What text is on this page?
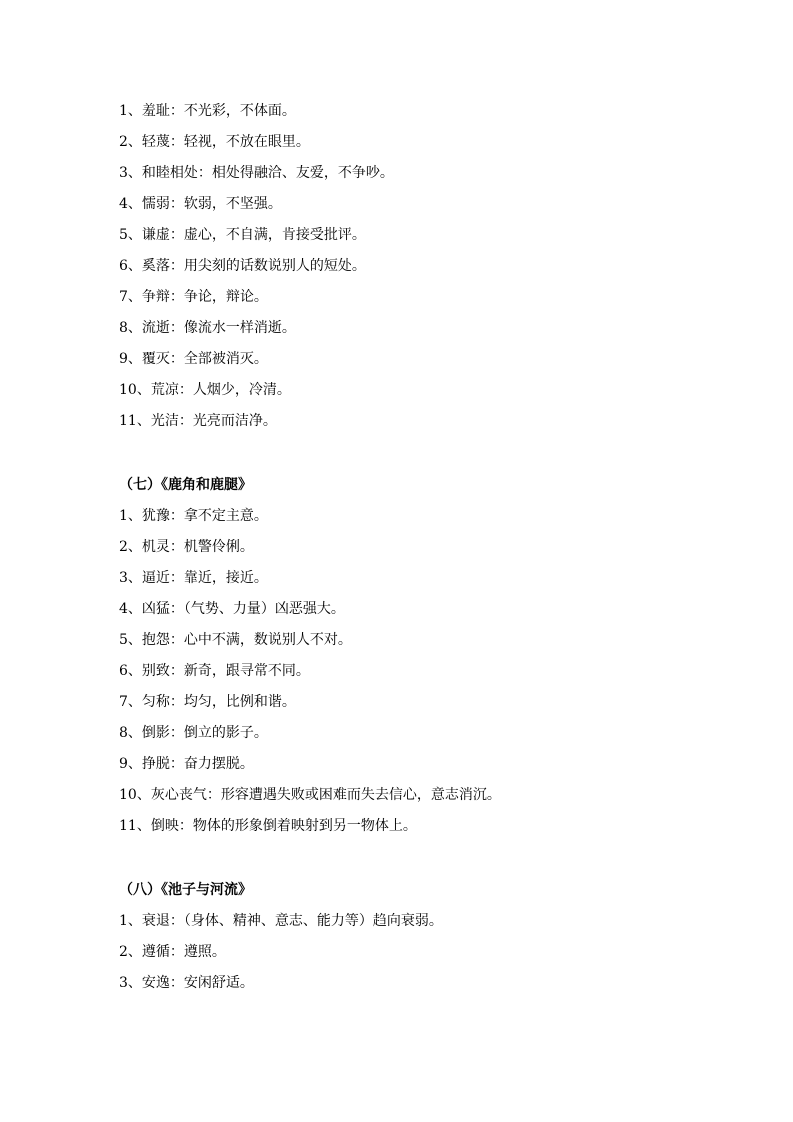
1、羞耻：不光彩，不体面。
2、轻蔑：轻视，不放在眼里。
3、和睦相处：相处得融洽、友爱，不争吵。
4、懦弱：软弱，不坚强。
5、谦虚：虚心，不自满，肯接受批评。
6、奚落：用尖刻的话数说别人的短处。
7、争辩：争论，辩论。
8、流逝：像流水一样消逝。
9、覆灭：全部被消灭。
10、荒凉：人烟少，冷清。
11、光洁：光亮而洁净。
（七）《鹿角和鹿腿》
1、犹豫：拿不定主意。
2、机灵：机警伶俐。
3、逼近：靠近，接近。
4、凶猛：（气势、力量）凶恶强大。
5、抱怨：心中不满，数说别人不对。
6、别致：新奇，跟寻常不同。
7、匀称：均匀，比例和谐。
8、倒影：倒立的影子。
9、挣脱：奋力摆脱。
10、灰心丧气：形容遭遇失败或困难而失去信心，意志消沉。
11、倒映：物体的形象倒着映射到另一物体上。
（八）《池子与河流》
1、衰退：（身体、精神、意志、能力等）趋向衰弱。
2、遵循：遵照。
3、安逸：安闲舒适。
